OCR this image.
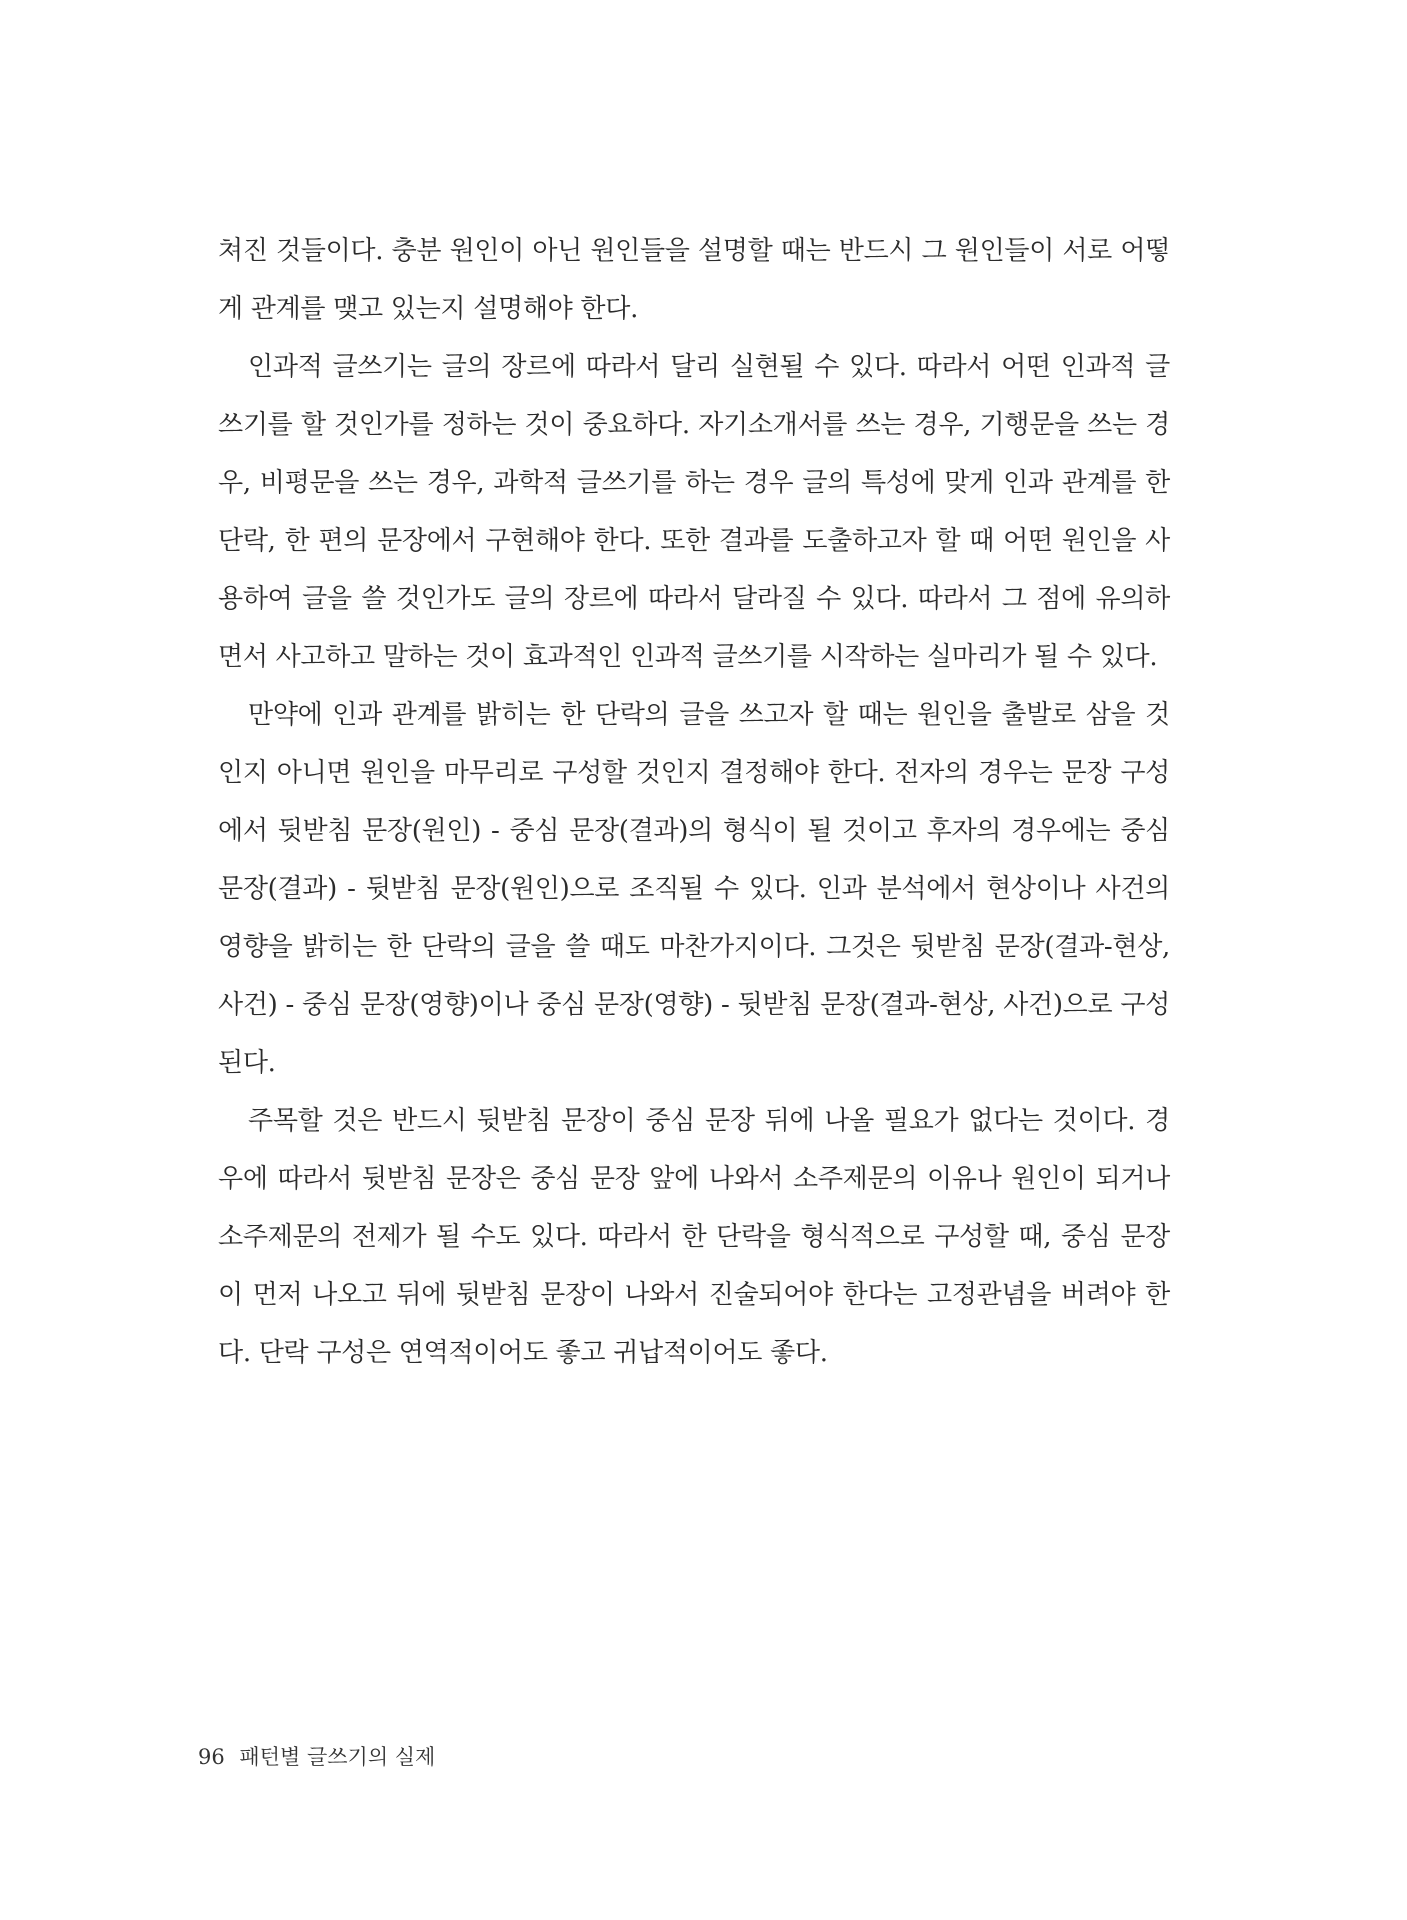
쳐진 것들이다. 충분 원인이 아닌 원인들을 설명할 때는 반드시 그 원인들이 서로 어떻게 관계를 맺고 있는지 설명해야 한다.

인과적 글쓰기는 글의 장르에 따라서 달리 실현될 수 있다. 따라서 어떤 인과적 글쓰기를 할 것인가를 정하는 것이 중요하다. 자기소개서를 쓰는 경우, 기행문을 쓰는 경우, 비평문을 쓰는 경우, 과학적 글쓰기를 하는 경우 글의 특성에 맞게 인과 관계를 한 단락, 한 편의 문장에서 구현해야 한다. 또한 결과를 도출하고자 할 때 어떤 원인을 사용하여 글을 쓸 것인가도 글의 장르에 따라서 달라질 수 있다. 따라서 그 점에 유의하면서 사고하고 말하는 것이 효과적인 인과적 글쓰기를 시작하는 실마리가 될 수 있다.

만약에 인과 관계를 밝히는 한 단락의 글을 쓰고자 할 때는 원인을 출발로 삼을 것인지 아니면 원인을 마무리로 구성할 것인지 결정해야 한다. 전자의 경우는 문장 구성에서 뒷받침 문장(원인) - 중심 문장(결과)의 형식이 될 것이고 후자의 경우에는 중심 문장(결과) - 뒷받침 문장(원인)으로 조직될 수 있다. 인과 분석에서 현상이나 사건의 영향을 밝히는 한 단락의 글을 쓸 때도 마찬가지이다. 그것은 뒷받침 문장(결과-현상, 사건) - 중심 문장(영향)이나 중심 문장(영향) - 뒷받침 문장(결과-현상, 사건)으로 구성된다.

주목할 것은 반드시 뒷받침 문장이 중심 문장 뒤에 나올 필요가 없다는 것이다. 경우에 따라서 뒷받침 문장은 중심 문장 앞에 나와서 소주제문의 이유나 원인이 되거나 소주제문의 전제가 될 수도 있다. 따라서 한 단락을 형식적으로 구성할 때, 중심 문장이 먼저 나오고 뒤에 뒷받침 문장이 나와서 진술되어야 한다는 고정관념을 버려야 한다. 단락 구성은 연역적이어도 좋고 귀납적이어도 좋다.

96 패턴별 글쓰기의 실제
